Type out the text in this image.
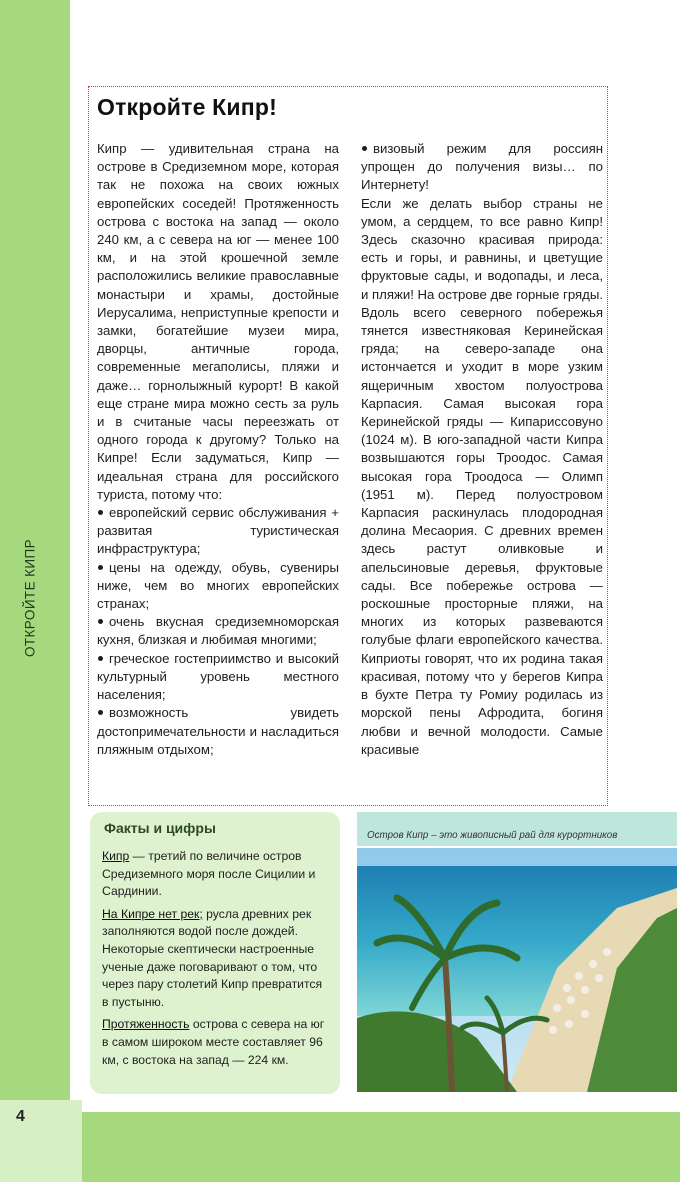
ОТКРОЙТЕ КИПР
4
Откройте Кипр!

Кипр — удивительная страна на острове в Средиземном море, которая так не похожа на своих южных европейских соседей! Протяженность острова с востока на запад — около 240 км, а с севера на юг — менее 100 км, и на этой крошечной земле расположились великие православные монастыри и храмы, достойные Иерусалима, неприступные крепости и замки, богатейшие музеи мира, дворцы, античные города, современные мегаполисы, пляжи и даже… горнолыжный курорт! В какой еще стране мира можно сесть за руль и в считаные часы переезжать от одного города к другому? Только на Кипре! Если задуматься, Кипр — идеальная страна для российского туриста, потому что:

европейский сервис обслуживания + развитая туристическая инфраструктура;

цены на одежду, обувь, сувениры ниже, чем во многих европейских странах;

очень вкусная средиземноморская кухня, близкая и любимая многими;

греческое гостеприимство и высокий культурный уровень местного населения;

возможность увидеть достопримечательности и насладиться пляжным отдыхом;

визовый режим для россиян упрощен до получения визы… по Интернету!

Если же делать выбор страны не умом, а сердцем, то все равно Кипр! Здесь сказочно красивая природа: есть и горы, и равнины, и цветущие фруктовые сады, и водопады, и леса, и пляжи! На острове две горные гряды. Вдоль всего северного побережья тянется известняковая Керинейская гряда; на северо-западе она истончается и уходит в море узким ящеричным хвостом полуострова Карпасия. Самая высокая гора Керинейской гряды — Кипариссовуно (1024 м). В юго-западной части Кипра возвышаются горы Троодос. Самая высокая гора Троодоса — Олимп (1951 м). Перед полуостровом Карпасия раскинулась плодородная долина Месаория. С древних времен здесь растут оливковые и апельсиновые деревья, фруктовые сады. Все побережье острова — роскошные просторные пляжи, на многих из которых развеваются голубые флаги европейского качества. Киприоты говорят, что их родина такая красивая, потому что у берегов Кипра в бухте Петра ту Ромиу родилась из морской пены Афродита, богиня любви и вечной молодости. Самые красивые

Факты и цифры

Кипр — третий по величине остров Средиземного моря после Сицилии и Сардинии.

На Кипре нет рек; русла древних рек заполняются водой после дождей. Некоторые скептически настроенные ученые даже поговаривают о том, что через пару столетий Кипр превратится в пустыню.

Протяженность острова с севера на юг в самом широком месте составляет 96 км, с востока на запад — 224 км.

Остров Кипр – это живописный рай для курортников
